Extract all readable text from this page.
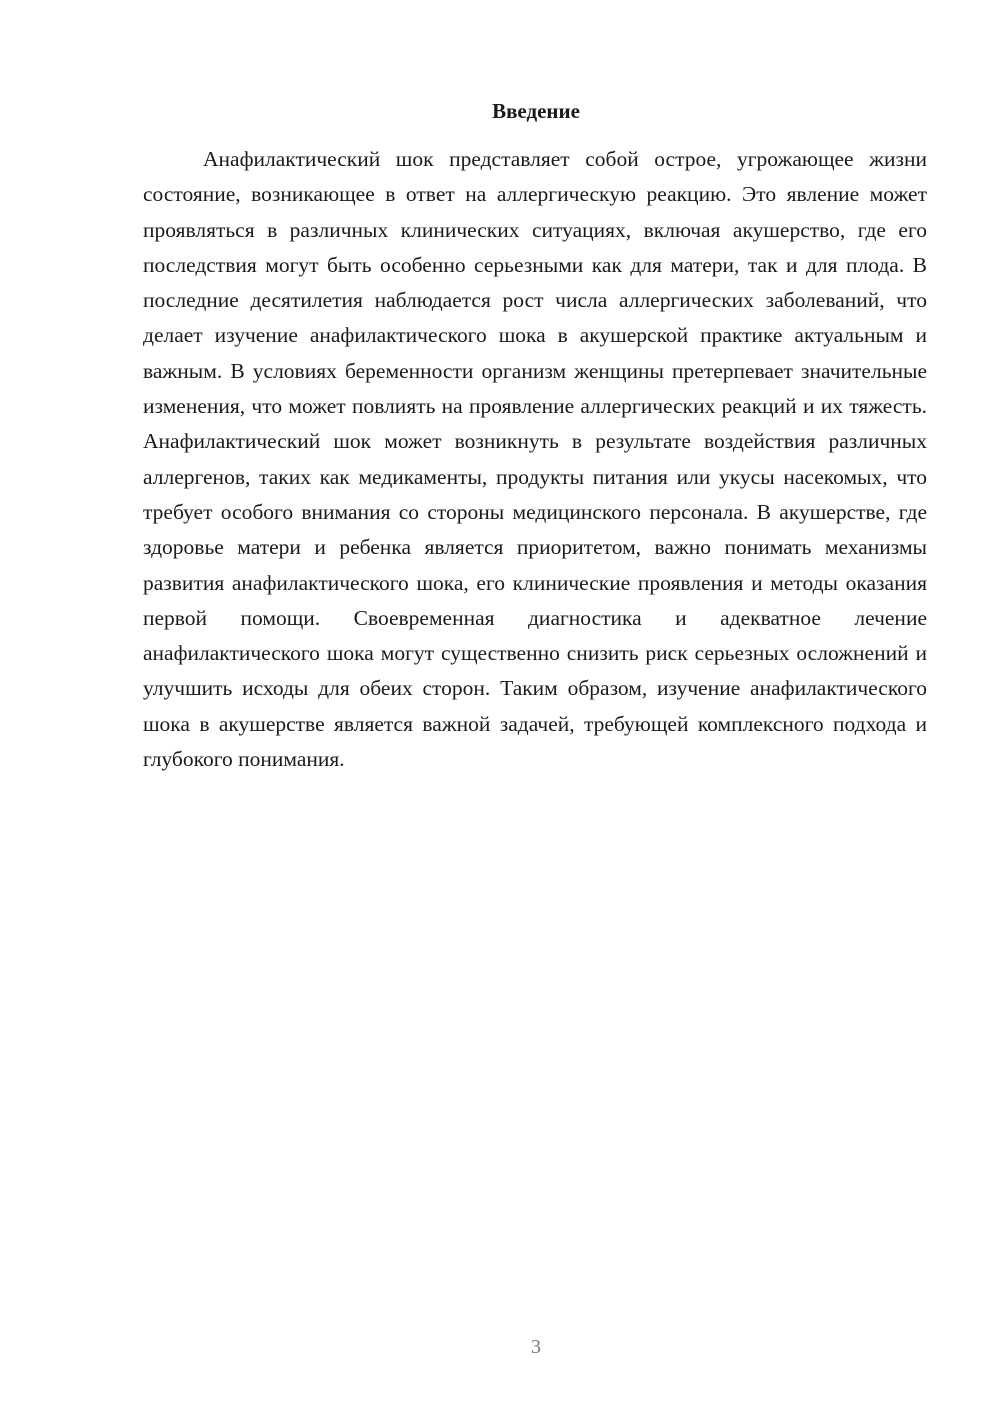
Введение

Анафилактический шок представляет собой острое, угрожающее жизни состояние, возникающее в ответ на аллергическую реакцию. Это явление может проявляться в различных клинических ситуациях, включая акушерство, где его последствия могут быть особенно серьезными как для матери, так и для плода. В последние десятилетия наблюдается рост числа аллергических заболеваний, что делает изучение анафилактического шока в акушерской практике актуальным и важным. В условиях беременности организм женщины претерпевает значительные изменения, что может повлиять на проявление аллергических реакций и их тяжесть. Анафилактический шок может возникнуть в результате воздействия различных аллергенов, таких как медикаменты, продукты питания или укусы насекомых, что требует особого внимания со стороны медицинского персонала. В акушерстве, где здоровье матери и ребенка является приоритетом, важно понимать механизмы развития анафилактического шока, его клинические проявления и методы оказания первой помощи. Своевременная диагностика и адекватное лечение анафилактического шока могут существенно снизить риск серьезных осложнений и улучшить исходы для обеих сторон. Таким образом, изучение анафилактического шока в акушерстве является важной задачей, требующей комплексного подхода и глубокого понимания.

3
